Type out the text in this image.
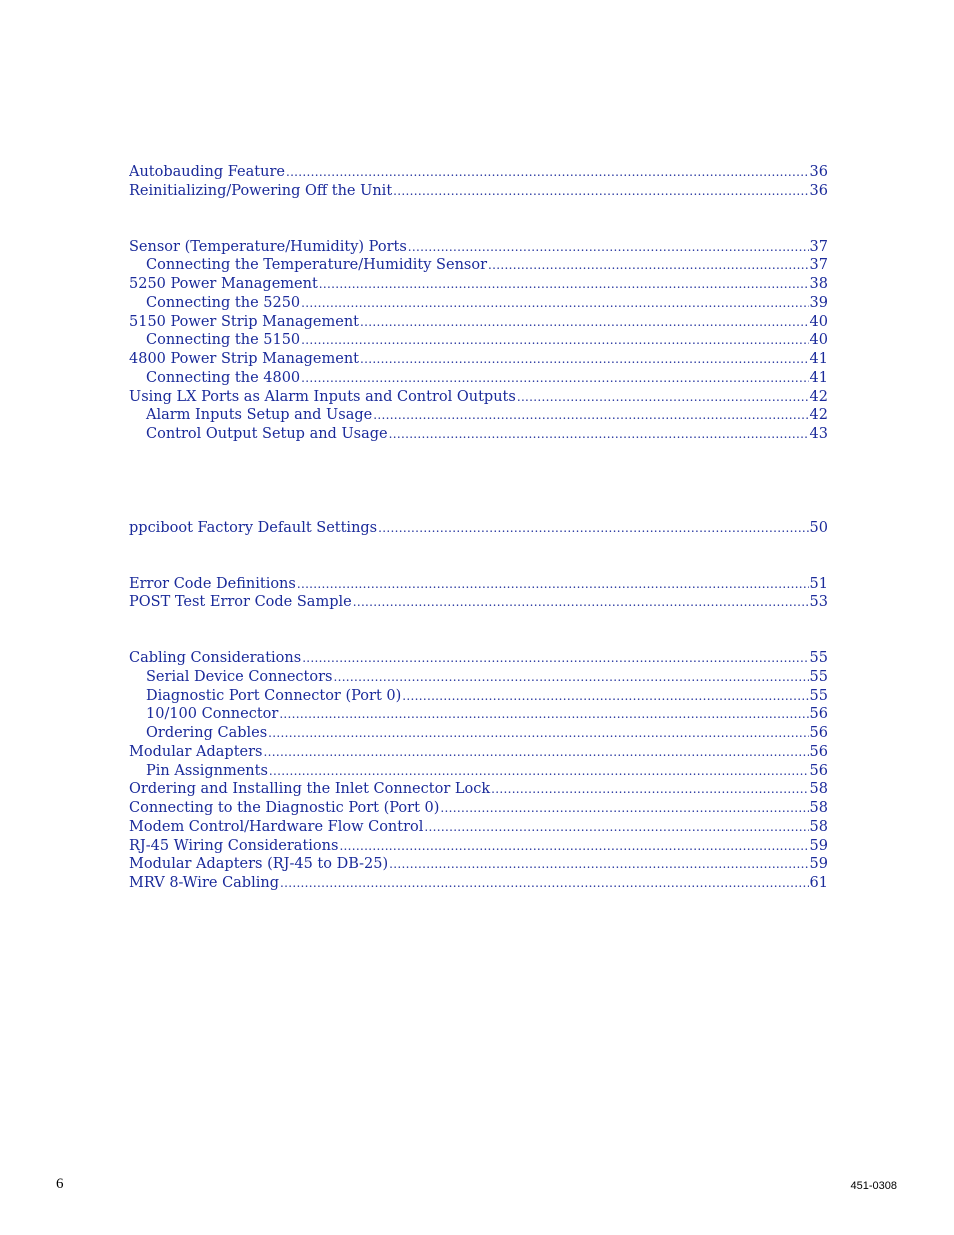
Autobauding Feature .....	36
Reinitializing/Powering Off the Unit .....	36
Sensor (Temperature/Humidity) Ports .....	37
Connecting the Temperature/Humidity Sensor .....	37
5250 Power Management .....	38
Connecting the 5250 .....	39
5150 Power Strip Management .....	40
Connecting the 5150 .....	40
4800 Power Strip Management .....	41
Connecting the 4800 .....	41
Using LX Ports as Alarm Inputs and Control Outputs .....	42
Alarm Inputs Setup and Usage .....	42
Control Output Setup and Usage .....	43
ppciboot Factory Default Settings .....	50
Error Code Definitions .....	51
POST Test Error Code Sample .....	53
Cabling Considerations .....	55
Serial Device Connectors .....	55
Diagnostic Port Connector (Port 0) .....	55
10/100 Connector .....	56
Ordering Cables .....	56
Modular Adapters .....	56
Pin Assignments .....	56
Ordering and Installing the Inlet Connector Lock .....	58
Connecting to the Diagnostic Port (Port 0) .....	58
Modem Control/Hardware Flow Control .....	58
RJ-45 Wiring Considerations .....	59
Modular Adapters (RJ-45 to DB-25) .....	59
MRV 8-Wire Cabling .....	61
6	451-0308
